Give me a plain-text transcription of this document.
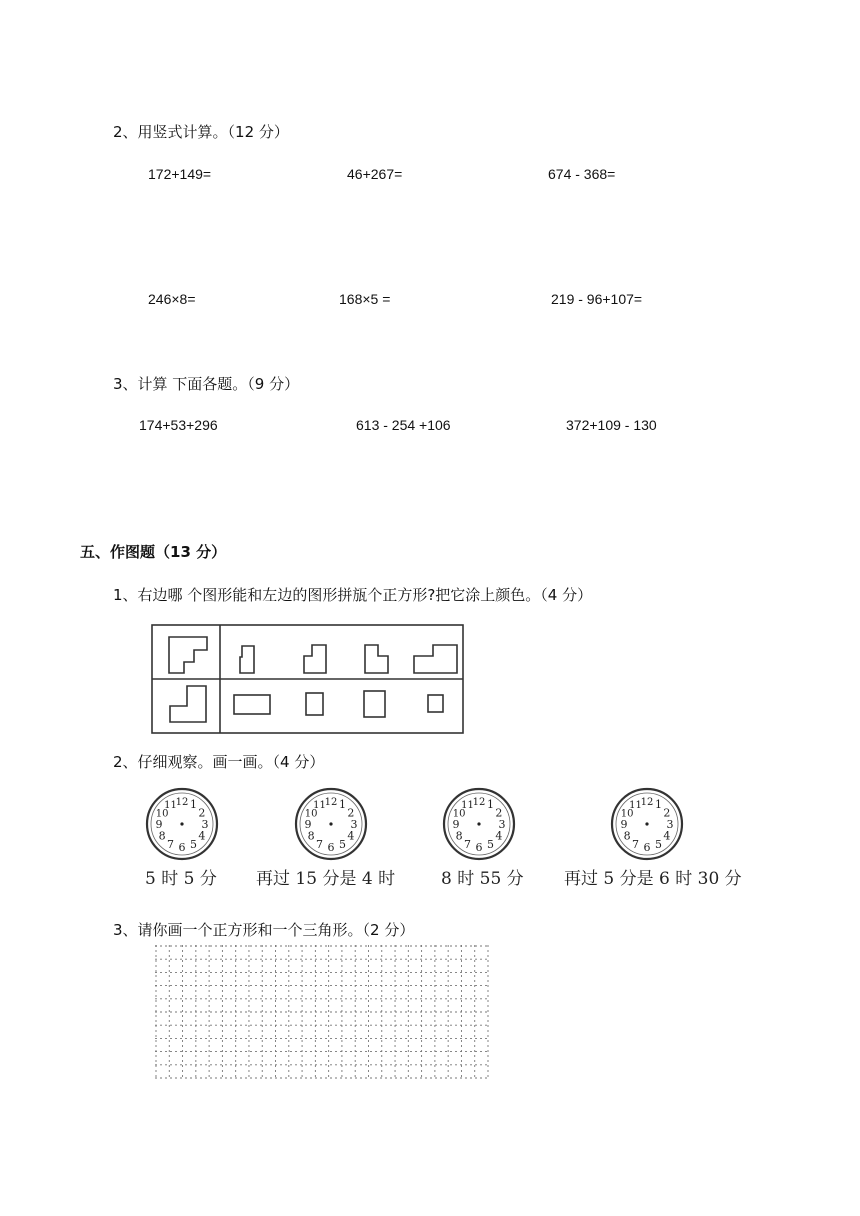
2、用竖式计算。（12 分）
172+149=	46+267=	674 - 368=
246×8=	168×5 =	219 - 96+107=
3、计算 下面各题。（9 分）
174+53+296	613 - 254 +106	372+109 - 130
五、作图题（13 分）
1、右边哪 个图形能和左边的图形拼瓬个正方形?把它涂上颜色。（4 分）
2、仔细观察。画一画。（4 分）
12 1
2
3
4
5
6
7
8
9
10
11	12 1
2
3
4
5
6
7
8
9
10
11	12 1
2
3
4
5
6
7
8
9
10
11	12 1
2
3
4
5
6
7
8
9
10
11
5 时 5 分 再过 15 分是 4 时	8 时 55 分 再过 5 分是 6 时 30 分
3、请你画一个正方形和一个三角形。（2 分）
